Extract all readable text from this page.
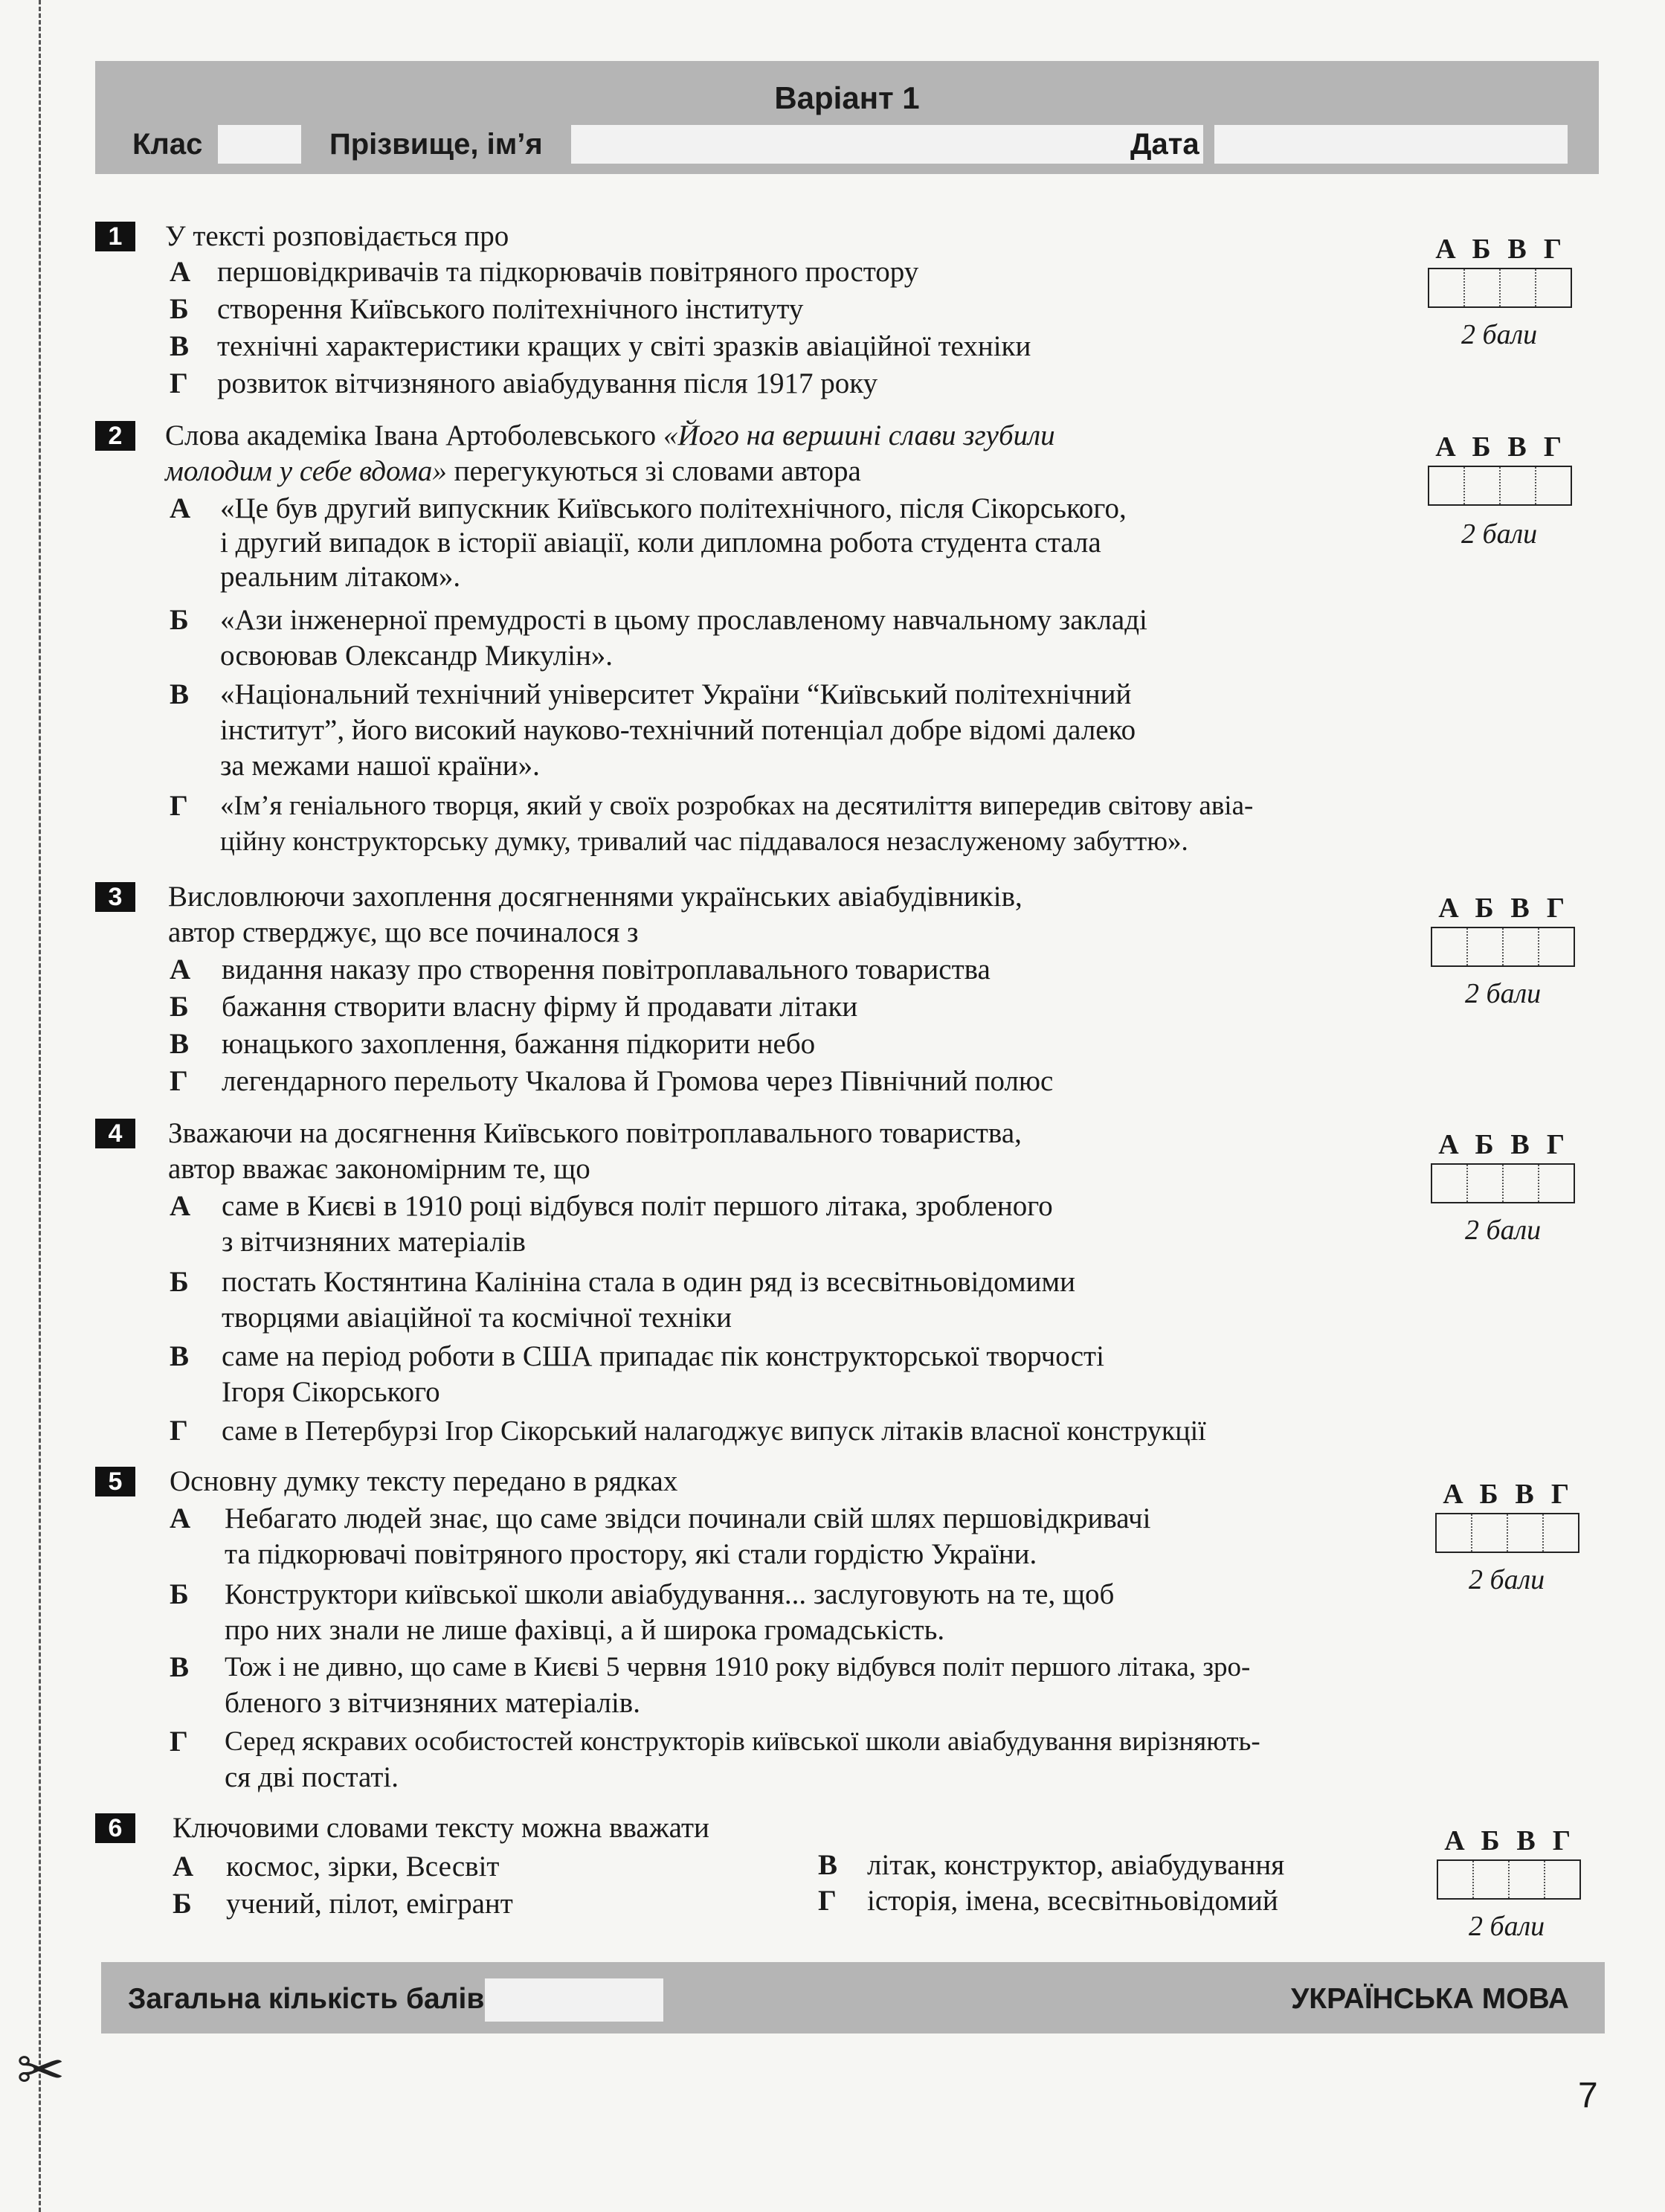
✂
Варіант 1
Клас	Прізвище, ім’я	Дата
1	У тексті розповідається про
А першовідкривачів та підкорювачів повітряного простору
Б створення Київського політехнічного інституту
В технічні характеристики кращих у світі зразків авіаційної техніки
Г розвиток вітчизняного авіабудування після 1917 року
А Б В Г
2 бали
2	Слова академіка Івана Артоболевського «Його на вершині слави згубили
молодим у себе вдома» перегукуються зі словами автора
А «Це був другий випускник Київського політехнічного, після Сікорського,
і другий випадок в історії авіації, коли дипломна робота студента стала
реальним літаком».
Б «Ази інженерної премудрості в цьому прославленому навчальному закладі
освоював Олександр Микулін».
В «Національний технічний університет України “Київський політехнічний
інститут”, його високий науково-технічний потенціал добре відомі далеко
за межами нашої країни».
Г «Ім’я геніального творця, який у своїх розробках на десятиліття випередив світову авіа-
ційну конструкторську думку, тривалий час піддавалося незаслуженому забуттю».
А Б В Г
2 бали
3	Висловлюючи захоплення досягненнями українських авіабудівників,
автор стверджує, що все починалося з
А видання наказу про створення повітроплавального товариства
Б бажання створити власну фірму й продавати літаки
В юнацького захоплення, бажання підкорити небо
Г легендарного перельоту Чкалова й Громова через Північний полюс
А Б В Г
2 бали
4	Зважаючи на досягнення Київського повітроплавального товариства,
автор вважає закономірним те, що
А саме в Києві в 1910 році відбувся політ першого літака, зробленого
з вітчизняних матеріалів
Б постать Костянтина Калініна стала в один ряд із всесвітньовідомими
творцями авіаційної та космічної техніки
В саме на період роботи в США припадає пік конструкторської творчості
Ігоря Сікорського
Г саме в Петербурзі Ігор Сікорський налагоджує випуск літаків власної конструкції
А Б В Г
2 бали
5	Основну думку тексту передано в рядках
А Небагато людей знає, що саме звідси починали свій шлях першовідкривачі
та підкорювачі повітряного простору, які стали гордістю України.
Б Конструктори київської школи авіабудування... заслуговують на те, щоб
про них знали не лише фахівці, а й широка громадськість.
В Тож і не дивно, що саме в Києві 5 червня 1910 року відбувся політ першого літака, зро-
бленого з вітчизняних матеріалів.
Г Серед яскравих особистостей конструкторів київської школи авіабудування вирізняють-
ся дві постаті.
А Б В Г
2 бали
6	Ключовими словами тексту можна вважати
А космос, зірки, Всесвіт
Б учений, пілот, емігрант
В літак, конструктор, авіабудування
Г історія, імена, всесвітньовідомий
А Б В Г
2 бали
Загальна кількість балів	УКРАЇНСЬКА МОВА
7
